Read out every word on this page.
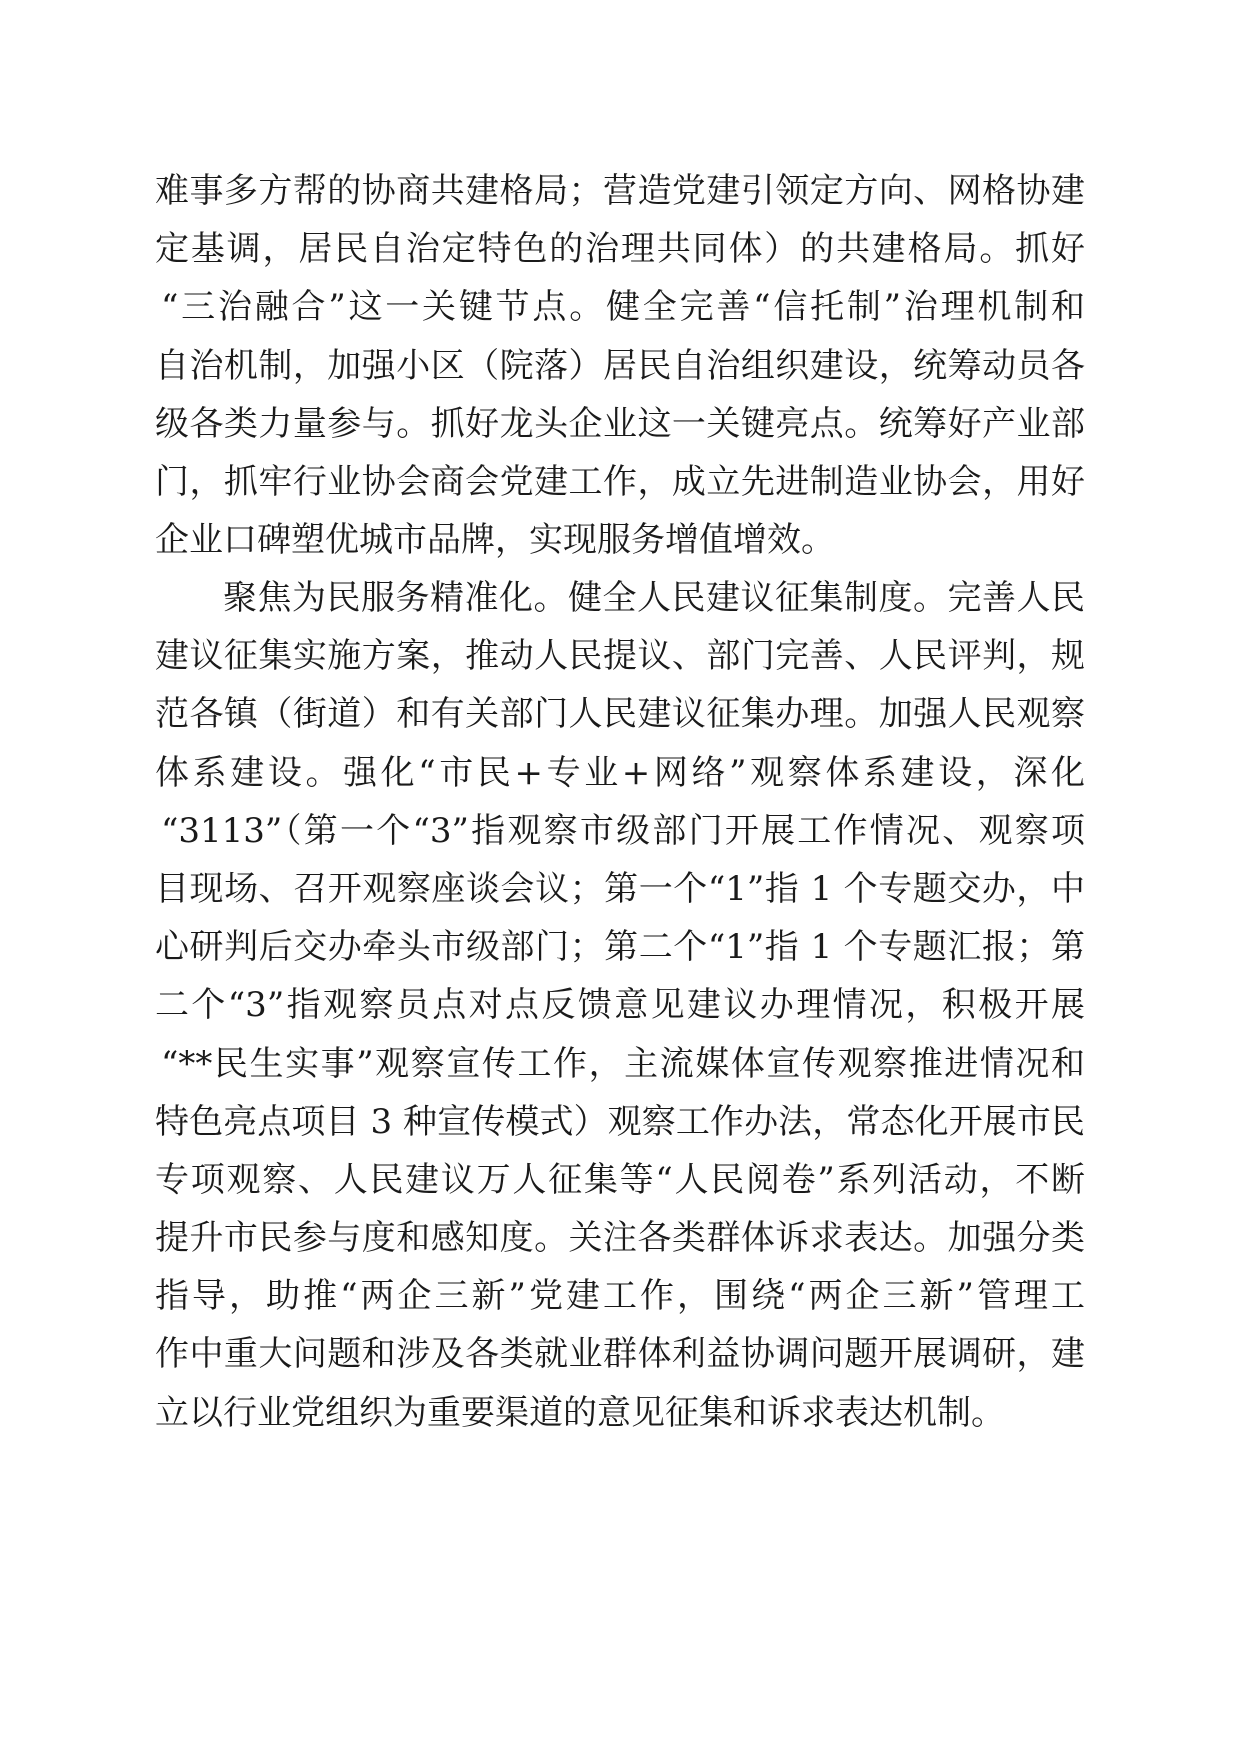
难事多方帮的协商共建格局；营造党建引领定方向、网格协建
定基调，居民自治定特色的治理共同体）的共建格局。抓好
“三治融合”这一关键节点。健全完善“信托制”治理机制和
自治机制，加强小区（院落）居民自治组织建设，统筹动员各
级各类力量参与。抓好龙头企业这一关键亮点。统筹好产业部
门，抓牢行业协会商会党建工作，成立先进制造业协会，用好
企业口碑塑优城市品牌，实现服务增值增效。
聚焦为民服务精准化。健全人民建议征集制度。完善人民
建议征集实施方案，推动人民提议、部门完善、人民评判，规
范各镇（街道）和有关部门人民建议征集办理。加强人民观察
体系建设。强化“市民+专业+网络”观察体系建设，深化
“3113”（第一个“3”指观察市级部门开展工作情况、观察项
目现场、召开观察座谈会议；第一个“1”指 1 个专题交办，中
心研判后交办牵头市级部门；第二个“1”指 1 个专题汇报；第
二个“3”指观察员点对点反馈意见建议办理情况，积极开展
“**民生实事”观察宣传工作，主流媒体宣传观察推进情况和
特色亮点项目 3 种宣传模式）观察工作办法，常态化开展市民
专项观察、人民建议万人征集等“人民阅卷”系列活动，不断
提升市民参与度和感知度。关注各类群体诉求表达。加强分类
指导，助推“两企三新”党建工作，围绕“两企三新”管理工
作中重大问题和涉及各类就业群体利益协调问题开展调研，建
立以行业党组织为重要渠道的意见征集和诉求表达机制。
